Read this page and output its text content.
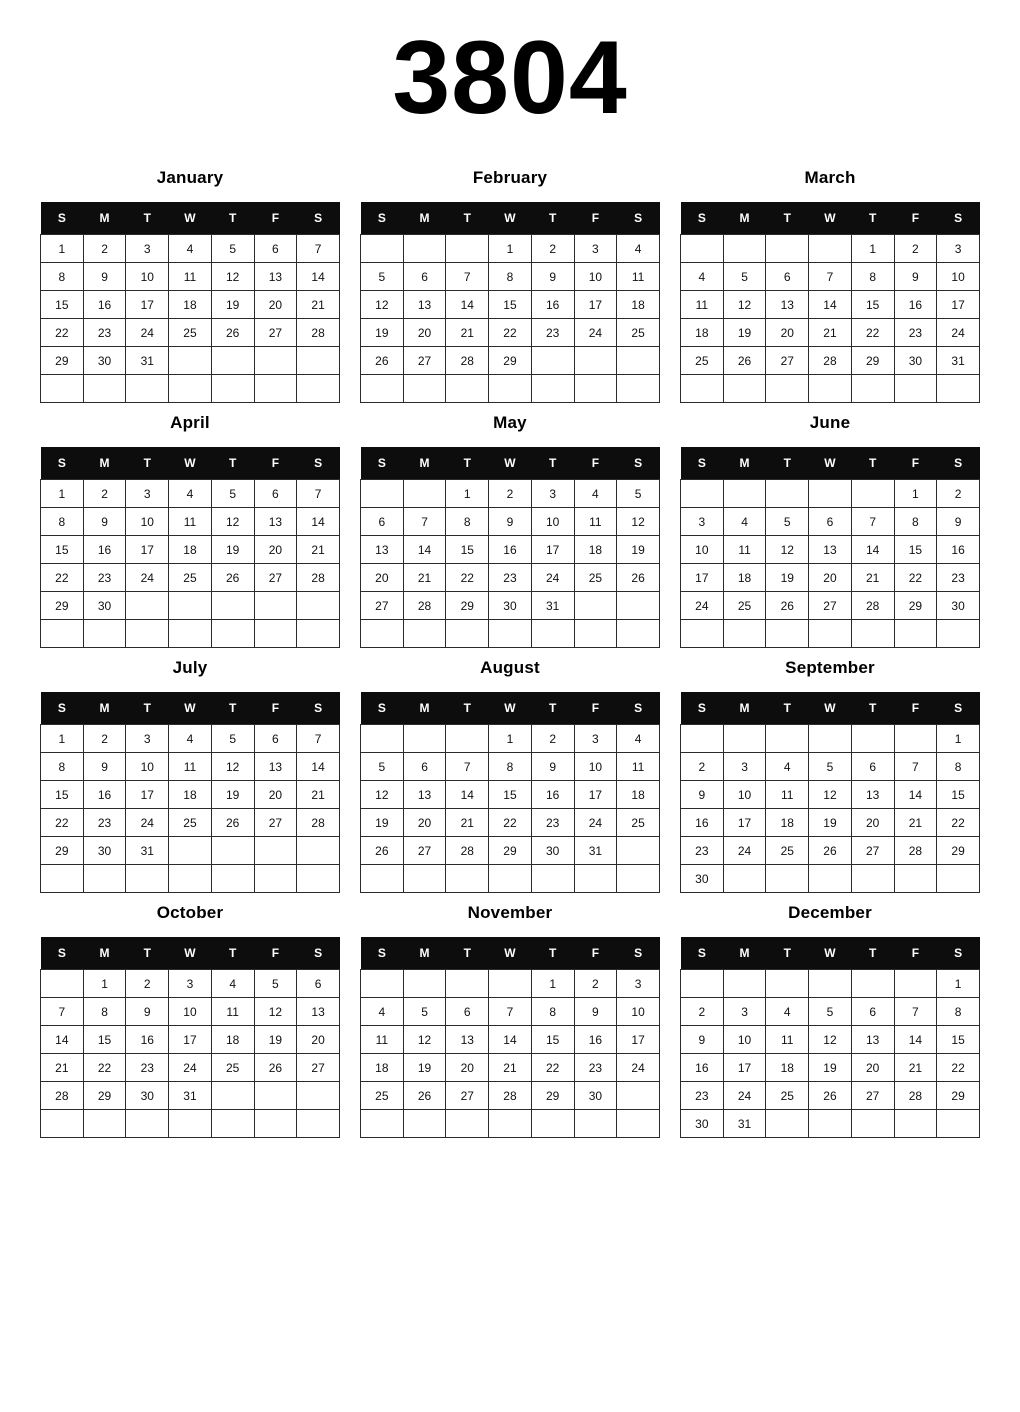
3804
January
S	M	T	W	T	F	S
1	2	3	4	5	6	7
8	9	10	11	12	13	14
15	16	17	18	19	20	21
22	23	24	25	26	27	28
29	30	31				

February
S	M	T	W	T	F	S
			1	2	3	4
5	6	7	8	9	10	11
12	13	14	15	16	17	18
19	20	21	22	23	24	25
26	27	28	29			

March
S	M	T	W	T	F	S
				1	2	3
4	5	6	7	8	9	10
11	12	13	14	15	16	17
18	19	20	21	22	23	24
25	26	27	28	29	30	31

April
S	M	T	W	T	F	S
1	2	3	4	5	6	7
8	9	10	11	12	13	14
15	16	17	18	19	20	21
22	23	24	25	26	27	28
29	30					

May
S	M	T	W	T	F	S
		1	2	3	4	5
6	7	8	9	10	11	12
13	14	15	16	17	18	19
20	21	22	23	24	25	26
27	28	29	30	31		

June
S	M	T	W	T	F	S
					1	2
3	4	5	6	7	8	9
10	11	12	13	14	15	16
17	18	19	20	21	22	23
24	25	26	27	28	29	30

July
S	M	T	W	T	F	S
1	2	3	4	5	6	7
8	9	10	11	12	13	14
15	16	17	18	19	20	21
22	23	24	25	26	27	28
29	30	31				

August
S	M	T	W	T	F	S
			1	2	3	4
5	6	7	8	9	10	11
12	13	14	15	16	17	18
19	20	21	22	23	24	25
26	27	28	29	30	31	

September
S	M	T	W	T	F	S
						1
2	3	4	5	6	7	8
9	10	11	12	13	14	15
16	17	18	19	20	21	22
23	24	25	26	27	28	29
30						
October
S	M	T	W	T	F	S
	1	2	3	4	5	6
7	8	9	10	11	12	13
14	15	16	17	18	19	20
21	22	23	24	25	26	27
28	29	30	31			

November
S	M	T	W	T	F	S
				1	2	3
4	5	6	7	8	9	10
11	12	13	14	15	16	17
18	19	20	21	22	23	24
25	26	27	28	29	30	

December
S	M	T	W	T	F	S
						1
2	3	4	5	6	7	8
9	10	11	12	13	14	15
16	17	18	19	20	21	22
23	24	25	26	27	28	29
30	31					
